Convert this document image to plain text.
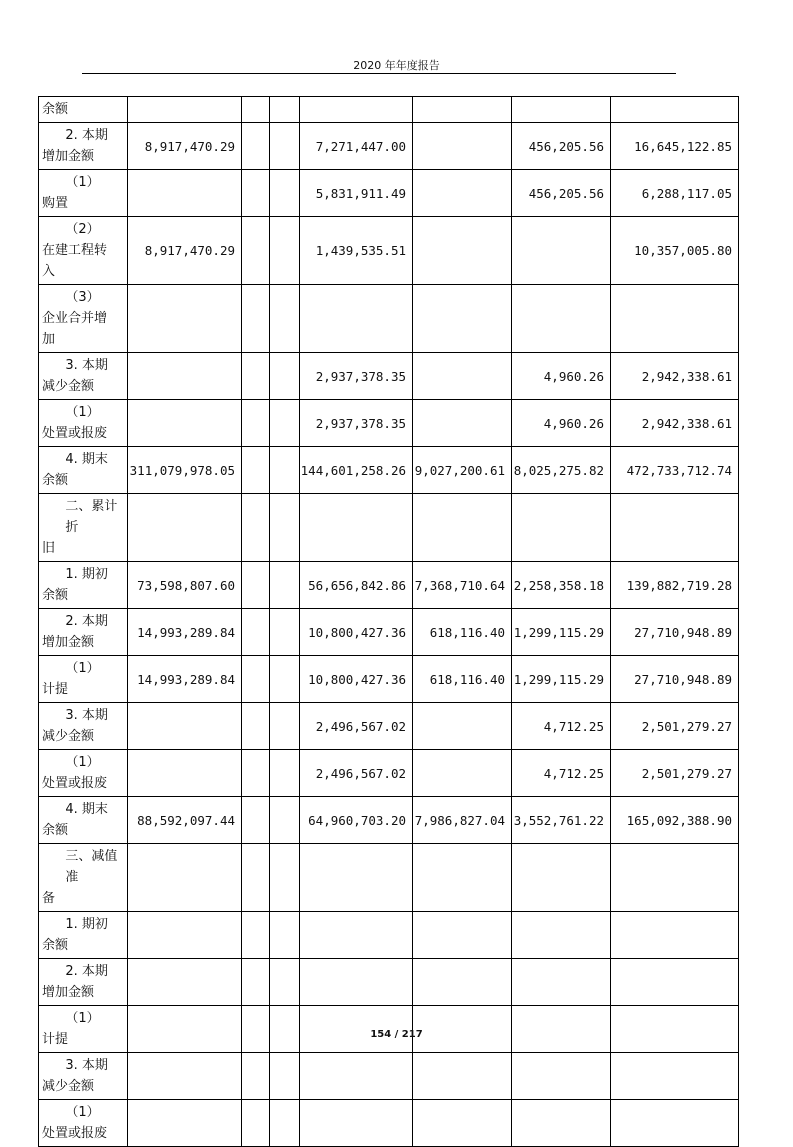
2020 年年度报告
余额							

2. 本期
增加金额	8,917,470.29			7,271,447.00		456,205.56	16,645,122.85

（1）
购置				5,831,911.49		456,205.56	6,288,117.05

（2）
在建工程转
入	8,917,470.29			1,439,535.51			10,357,005.80

（3）
企业合并增
加							

3. 本期
减少金额				2,937,378.35		4,960.26	2,942,338.61

（1）
处置或报废				2,937,378.35		4,960.26	2,942,338.61

4. 期末
余额	311,079,978.05			144,601,258.26	9,027,200.61	8,025,275.82	472,733,712.74

二、累计折
旧							

1. 期初
余额	73,598,807.60			56,656,842.86	7,368,710.64	2,258,358.18	139,882,719.28

2. 本期
增加金额	14,993,289.84			10,800,427.36	618,116.40	1,299,115.29	27,710,948.89

（1）
计提	14,993,289.84			10,800,427.36	618,116.40	1,299,115.29	27,710,948.89

3. 本期
减少金额				2,496,567.02		4,712.25	2,501,279.27

（1）
处置或报废				2,496,567.02		4,712.25	2,501,279.27

4. 期末
余额	88,592,097.44			64,960,703.20	7,986,827.04	3,552,761.22	165,092,388.90

三、减值准
备							

1. 期初
余额							

2. 本期
增加金额							

（1）
计提							

3. 本期
减少金额							

（1）
处置或报废							

154 / 217
